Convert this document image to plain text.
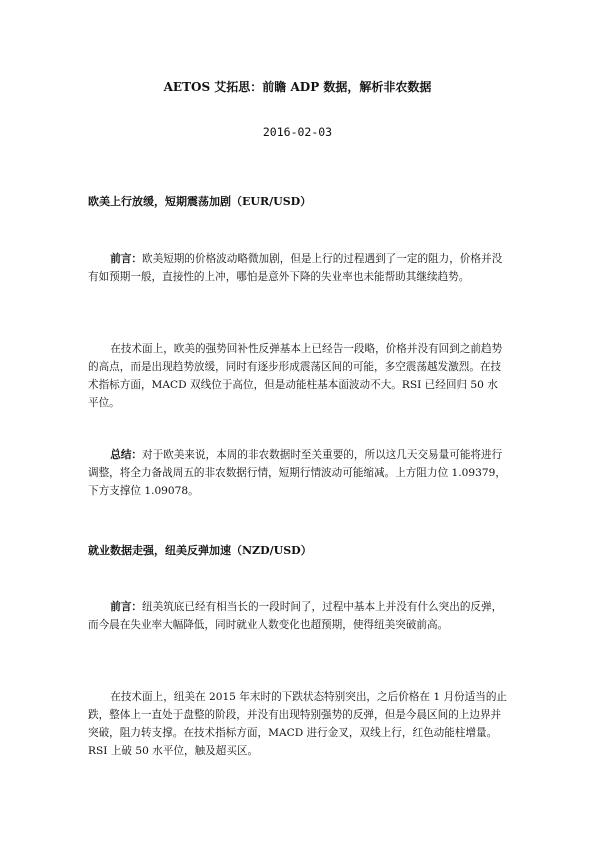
AETOS 艾拓思：前瞻 ADP 数据，解析非农数据
2016-02-03
欧美上行放缓，短期震荡加剧（EUR/USD）
前言：欧美短期的价格波动略微加剧，但是上行的过程遇到了一定的阻力，价格并没有如预期一般，直接性的上冲，哪怕是意外下降的失业率也未能帮助其继续趋势。
在技术面上，欧美的强势回补性反弹基本上已经告一段略，价格并没有回到之前趋势的高点，而是出现趋势放缓，同时有逐步形成震荡区间的可能，多空震荡越发激烈。在技术指标方面，MACD 双线位于高位，但是动能柱基本面波动不大。RSI 已经回归 50 水平位。
总结：对于欧美来说，本周的非农数据时至关重要的，所以这几天交易量可能将进行调整，将全力备战周五的非农数据行情，短期行情波动可能缩减。上方阻力位 1.09379，下方支撑位 1.09078。
就业数据走强，纽美反弹加速（NZD/USD）
前言：纽美筑底已经有相当长的一段时间了，过程中基本上并没有什么突出的反弹，而今晨在失业率大幅降低，同时就业人数变化也超预期，使得纽美突破前高。
在技术面上，纽美在 2015 年末时的下跌状态特别突出，之后价格在 1 月份适当的止跌，整体上一直处于盘整的阶段，并没有出现特别强势的反弹，但是今晨区间的上边界并突破，阻力转支撑。在技术指标方面，MACD 进行金叉，双线上行，红色动能柱增量。RSI 上破 50 水平位，触及超买区。
